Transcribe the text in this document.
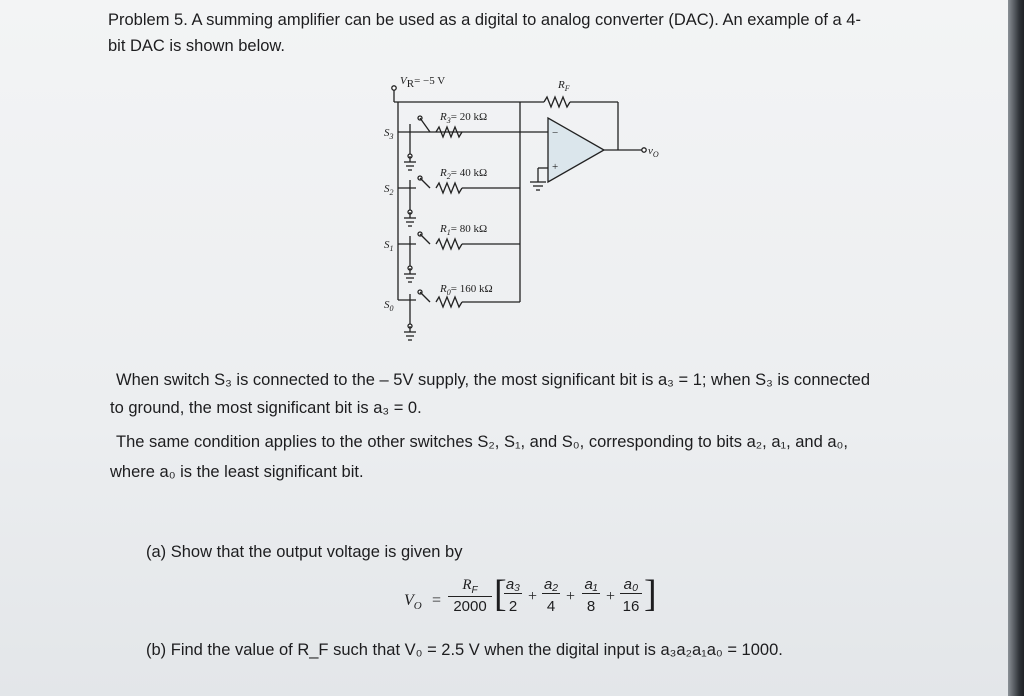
Problem 5. A summing amplifier can be used as a digital to analog converter (DAC). An example of a 4-
bit DAC is shown below.
VR= −5 V	$R_F$
$v_O$
−
+
$R_3= 20$ kΩ
$S_3$
$R_2= 40$ kΩ
$S_2$
$R_1= 80$ kΩ
$S_1$
$R_0= 160$ kΩ
$S_0$
When switch S₃ is connected to the – 5V supply, the most significant bit is a₃ = 1; when S₃ is connected
to ground, the most significant bit is a₃ = 0.
The same condition applies to the other switches S₂, S₁, and S₀, corresponding to bits a₂, a₁, and a₀,
where a₀ is the least significant bit.
(a) Show that the output voltage is given by
$V_O$ =
$R_F$
2000 [ a₃
2
+
a₂
4
+
a₁
8
+
a₀
16 ]
(b) Find the value of R_F such that V₀ = 2.5 V when the digital input is a₃a₂a₁a₀ = 1000.
